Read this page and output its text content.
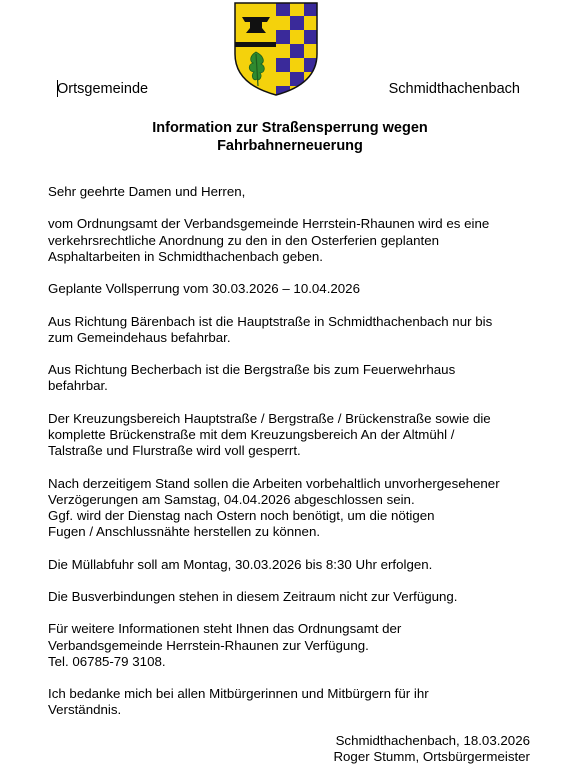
Ortsgemeinde	Schmidthachenbach
Information zur Straßensperrung wegen
Fahrbahnerneuerung

Sehr geehrte Damen und Herren,

vom Ordnungsamt der Verbandsgemeinde Herrstein-Rhaunen wird es eine
verkehrsrechtliche Anordnung zu den in den Osterferien geplanten
Asphaltarbeiten in Schmidthachenbach geben.

Geplante Vollsperrung vom 30.03.2026 – 10.04.2026

Aus Richtung Bärenbach ist die Hauptstraße in Schmidthachenbach nur bis
zum Gemeindehaus befahrbar.

Aus Richtung Becherbach ist die Bergstraße bis zum Feuerwehrhaus
befahrbar.

Der Kreuzungsbereich Hauptstraße / Bergstraße / Brückenstraße sowie die
komplette Brückenstraße mit dem Kreuzungsbereich An der Altmühl /
Talstraße und Flurstraße wird voll gesperrt.

Nach derzeitigem Stand sollen die Arbeiten vorbehaltlich unvorhergesehener
Verzögerungen am Samstag, 04.04.2026 abgeschlossen sein.
Ggf. wird der Dienstag nach Ostern noch benötigt, um die nötigen
Fugen / Anschlussnähte herstellen zu können.

Die Müllabfuhr soll am Montag, 30.03.2026 bis 8:30 Uhr erfolgen.

Die Busverbindungen stehen in diesem Zeitraum nicht zur Verfügung.

Für weitere Informationen steht Ihnen das Ordnungsamt der
Verbandsgemeinde Herrstein-Rhaunen zur Verfügung.
Tel. 06785-79 3108.

Ich bedanke mich bei allen Mitbürgerinnen und Mitbürgern für ihr
Verständnis.

Schmidthachenbach, 18.03.2026
Roger Stumm, Ortsbürgermeister
